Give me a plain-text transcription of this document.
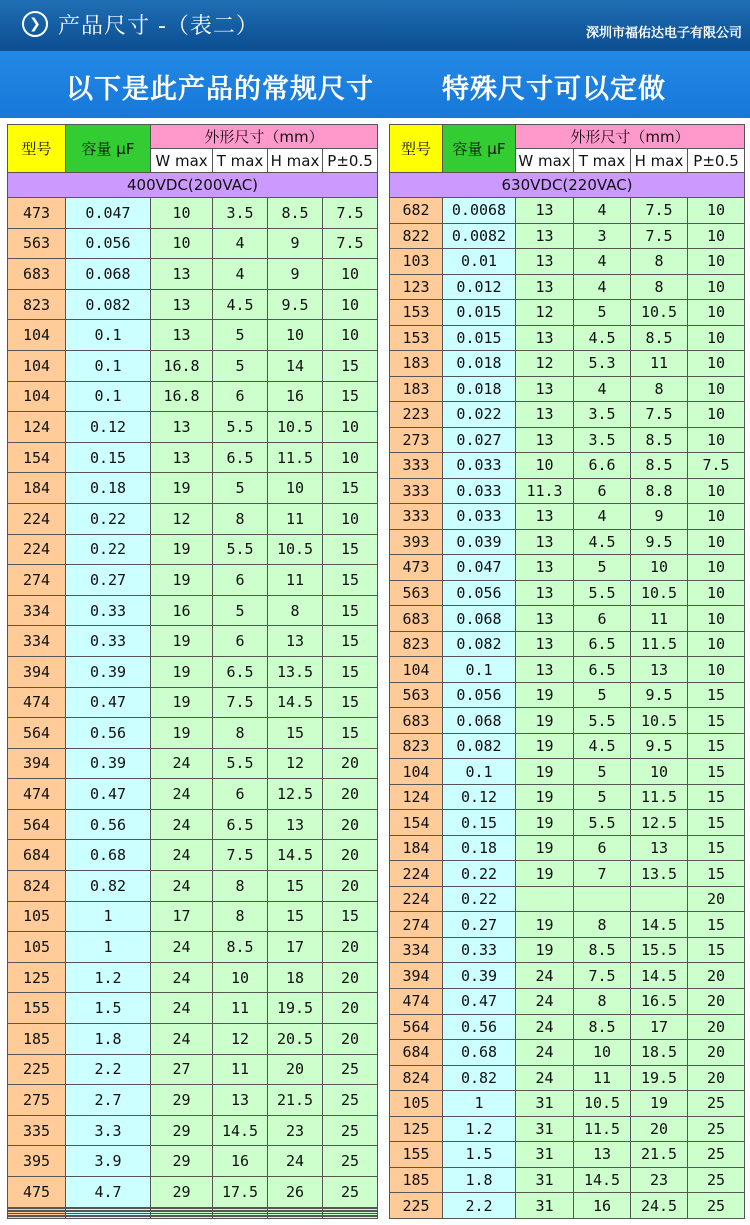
❯ 产品尺寸 -（表二）	深圳市福佑达电子有限公司
以下是此产品的常规尺寸	特殊尺寸可以定做
型号	容量 μF	外形尺寸（mm）			
		W max	T max	H max	P±0.5
400VDC(200VAC)					
473	0.047	10	3.5	8.5	7.5
563	0.056	10	4	9	7.5
683	0.068	13	4	9	10
823	0.082	13	4.5	9.5	10
104	0.1	13	5	10	10
104	0.1	16.8	5	14	15
104	0.1	16.8	6	16	15
124	0.12	13	5.5	10.5	10
154	0.15	13	6.5	11.5	10
184	0.18	19	5	10	15
224	0.22	12	8	11	10
224	0.22	19	5.5	10.5	15
274	0.27	19	6	11	15
334	0.33	16	5	8	15
334	0.33	19	6	13	15
394	0.39	19	6.5	13.5	15
474	0.47	19	7.5	14.5	15
564	0.56	19	8	15	15
394	0.39	24	5.5	12	20
474	0.47	24	6	12.5	20
564	0.56	24	6.5	13	20
684	0.68	24	7.5	14.5	20
824	0.82	24	8	15	20
105	1	17	8	15	15
105	1	24	8.5	17	20
125	1.2	24	10	18	20
155	1.5	24	11	19.5	20
185	1.8	24	12	20.5	20
225	2.2	27	11	20	25
275	2.7	29	13	21.5	25
335	3.3	29	14.5	23	25
395	3.9	29	16	24	25
475	4.7	29	17.5	26	25

型号	容量 μF	外形尺寸（mm）			
		W max	T max	H max	P±0.5
630VDC(220VAC)					
682	0.0068	13	4	7.5	10
822	0.0082	13	3	7.5	10
103	0.01	13	4	8	10
123	0.012	13	4	8	10
153	0.015	12	5	10.5	10
153	0.015	13	4.5	8.5	10
183	0.018	12	5.3	11	10
183	0.018	13	4	8	10
223	0.022	13	3.5	7.5	10
273	0.027	13	3.5	8.5	10
333	0.033	10	6.6	8.5	7.5
333	0.033	11.3	6	8.8	10
333	0.033	13	4	9	10
393	0.039	13	4.5	9.5	10
473	0.047	13	5	10	10
563	0.056	13	5.5	10.5	10
683	0.068	13	6	11	10
823	0.082	13	6.5	11.5	10
104	0.1	13	6.5	13	10
563	0.056	19	5	9.5	15
683	0.068	19	5.5	10.5	15
823	0.082	19	4.5	9.5	15
104	0.1	19	5	10	15
124	0.12	19	5	11.5	15
154	0.15	19	5.5	12.5	15
184	0.18	19	6	13	15
224	0.22	19	7	13.5	15
224	0.22				20
274	0.27	19	8	14.5	15
334	0.33	19	8.5	15.5	15
394	0.39	24	7.5	14.5	20
474	0.47	24	8	16.5	20
564	0.56	24	8.5	17	20
684	0.68	24	10	18.5	20
824	0.82	24	11	19.5	20
105	1	31	10.5	19	25
125	1.2	31	11.5	20	25
155	1.5	31	13	21.5	25
185	1.8	31	14.5	23	25
225	2.2	31	16	24.5	25
